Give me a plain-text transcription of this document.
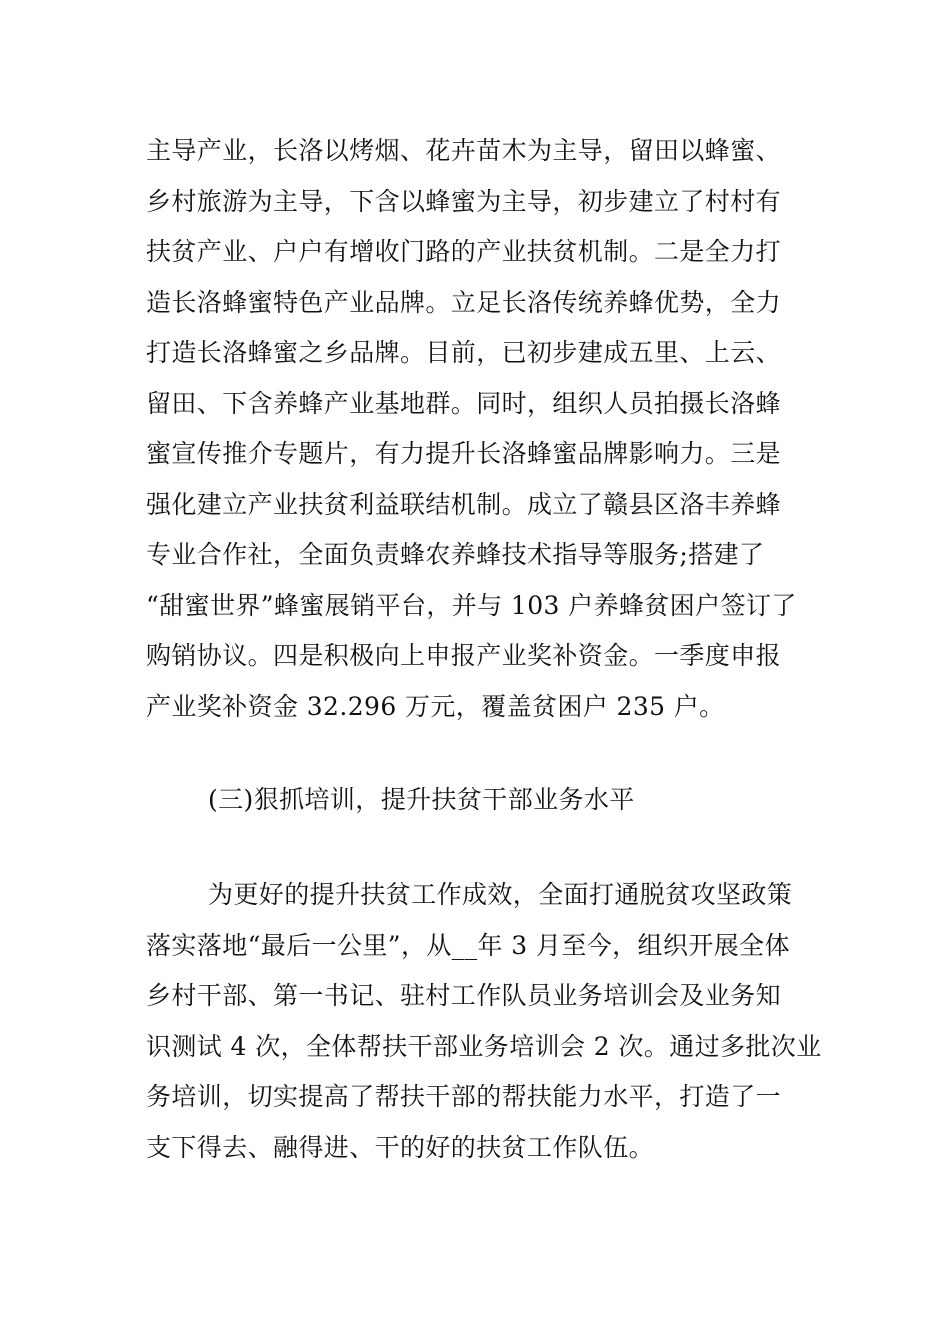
主导产业，长洛以烤烟、花卉苗木为主导，留田以蜂蜜、
乡村旅游为主导，下含以蜂蜜为主导，初步建立了村村有
扶贫产业、户户有增收门路的产业扶贫机制。二是全力打
造长洛蜂蜜特色产业品牌。立足长洛传统养蜂优势，全力
打造长洛蜂蜜之乡品牌。目前，已初步建成五里、上云、
留田、下含养蜂产业基地群。同时，组织人员拍摄长洛蜂
蜜宣传推介专题片，有力提升长洛蜂蜜品牌影响力。三是
强化建立产业扶贫利益联结机制。成立了赣县区洛丰养蜂
专业合作社，全面负责蜂农养蜂技术指导等服务;搭建了
“甜蜜世界”蜂蜜展销平台，并与 103 户养蜂贫困户签订了
购销协议。四是积极向上申报产业奖补资金。一季度申报
产业奖补资金 32.296 万元，覆盖贫困户 235 户。
(三)狠抓培训，提升扶贫干部业务水平
为更好的提升扶贫工作成效，全面打通脱贫攻坚政策
落实落地“最后一公里”，从__年 3 月至今，组织开展全体
乡村干部、第一书记、驻村工作队员业务培训会及业务知
识测试 4 次，全体帮扶干部业务培训会 2 次。通过多批次业
务培训，切实提高了帮扶干部的帮扶能力水平，打造了一
支下得去、融得进、干的好的扶贫工作队伍。
